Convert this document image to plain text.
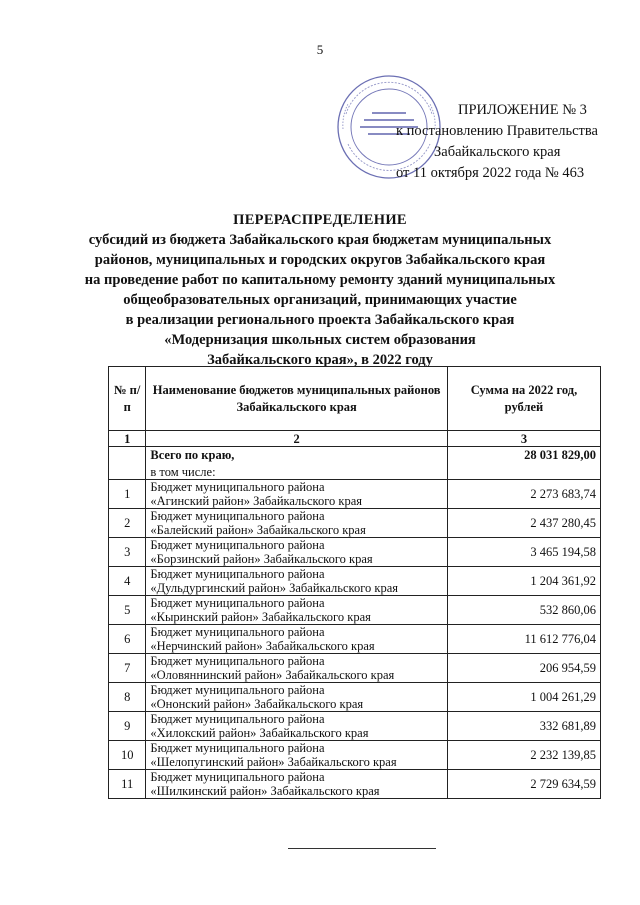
5
ПРИЛОЖЕНИЕ № 3
к постановлению Правительства
Забайкальского края
от 11 октября 2022 года № 463
ПЕРЕРАСПРЕДЕЛЕНИЕ
субсидий из бюджета Забайкальского края бюджетам муниципальных
районов, муниципальных и городских округов Забайкальского края
на проведение работ по капитальному ремонту зданий муниципальных
общеобразовательных организаций, принимающих участие
в реализации регионального проекта Забайкальского края
«Модернизация школьных систем образования
Забайкальского края», в 2022 году
№ п/п	Наименование бюджетов муниципальных районов Забайкальского края	Сумма на 2022 год, рублей
1	2	3
	Всего по краю,	28 031 829,00
	в том числе:	
1	Бюджет муниципального района
«Агинский район» Забайкальского края	2 273 683,74
2	Бюджет муниципального района
«Балейский район» Забайкальского края	2 437 280,45
3	Бюджет муниципального района
«Борзинский район» Забайкальского края	3 465 194,58
4	Бюджет муниципального района
«Дульдургинский район» Забайкальского края	1 204 361,92
5	Бюджет муниципального района
«Кыринский район» Забайкальского края	532 860,06
6	Бюджет муниципального района
«Нерчинский район» Забайкальского края	11 612 776,04
7	Бюджет муниципального района
«Оловяннинский район» Забайкальского края	206 954,59
8	Бюджет муниципального района
«Ононский район» Забайкальского края	1 004 261,29
9	Бюджет муниципального района
«Хилокский район» Забайкальского края	332 681,89
10	Бюджет муниципального района
«Шелопугинский район» Забайкальского края	2 232 139,85
11	Бюджет муниципального района
«Шилкинский район» Забайкальского края	2 729 634,59
